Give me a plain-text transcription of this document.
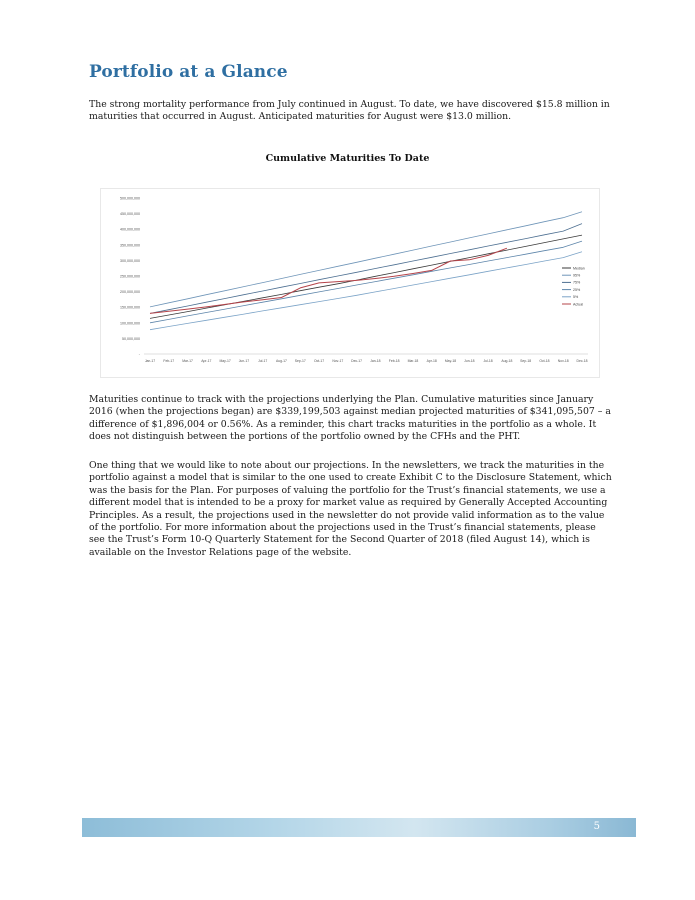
Portfolio at a Glance

The strong mortality performance from July continued in August. To date, we have discovered $15.8 million in maturities that occurred in August. Anticipated maturities for August were $13.0 million.

Cumulative Maturities To Date
-
50,000,000
100,000,000
150,000,000
200,000,000
250,000,000
300,000,000
350,000,000
400,000,000
450,000,000
500,000,000
Jan-17 Feb-17 Mar-17 Apr-17 May-17 Jun-17	Jul-17	Aug-17 Sep-17 Oct-17 Nov-17 Dec-17 Jan-18 Feb-18 Mar-18 Apr-18 May-18 Jun-18	Jul-18	Aug-18 Sep-18 Oct-18 Nov-18 Dec-18
Median
95%
75%
25%
5%
Actual

Maturities continue to track with the projections underlying the Plan. Cumulative maturities since January 2016 (when the projections began) are $339,199,503 against median projected maturities of $341,095,507 – a difference of $1,896,004 or 0.56%. As a reminder, this chart tracks maturities in the portfolio as a whole. It does not distinguish between the portions of the portfolio owned by the CFHs and the PHT.

One thing that we would like to note about our projections. In the newsletters, we track the maturities in the portfolio against a model that is similar to the one used to create Exhibit C to the Disclosure Statement, which was the basis for the Plan. For purposes of valuing the portfolio for the Trust’s financial statements, we use a different model that is intended to be a proxy for market value as required by Generally Accepted Accounting Principles. As a result, the projections used in the newsletter do not provide valid information as to the value of the portfolio. For more information about the projections used in the Trust’s financial statements, please see the Trust’s Form 10-Q Quarterly Statement for the Second Quarter of 2018 (filed August 14), which is available on the Investor Relations page of the website.

5
